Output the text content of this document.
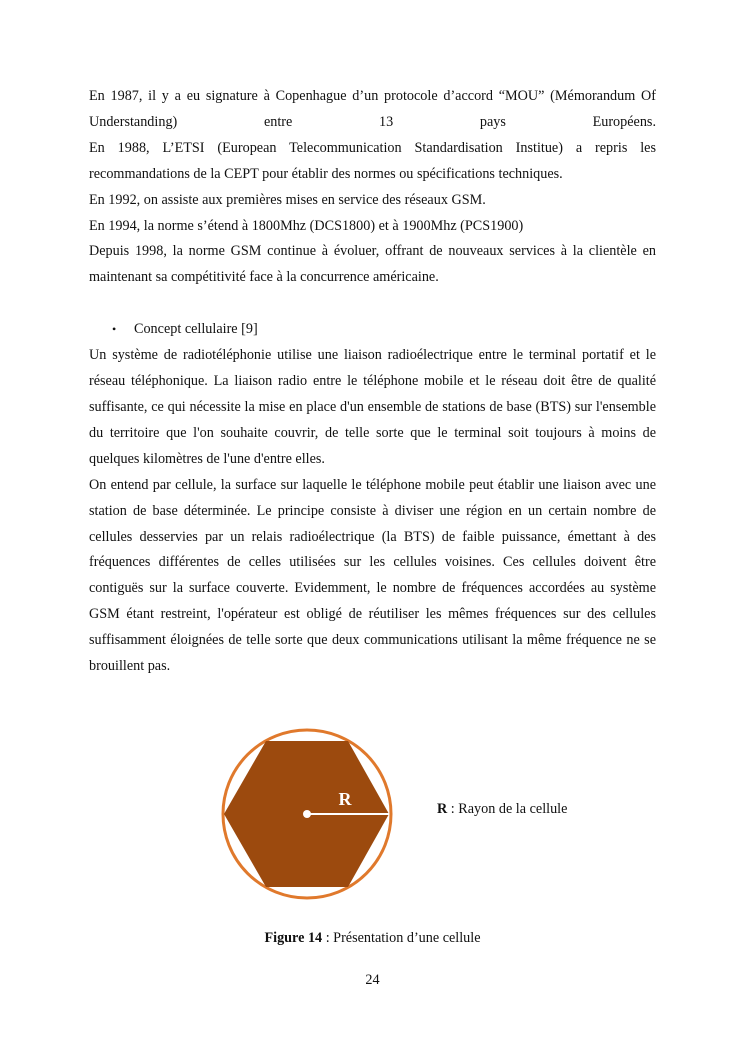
En 1987, il y a eu signature à Copenhague d’un protocole d’accord “MOU” (Mémorandum Of

Understanding) entre 13 pays Européens.

En 1988, L’ETSI (European Telecommunication Standardisation Institue) a repris les recommandations de la CEPT pour établir des normes ou spécifications techniques.

En 1992, on assiste aux premières mises en service des réseaux GSM.

En 1994, la norme s’étend à 1800Mhz (DCS1800) et à 1900Mhz (PCS1900)

Depuis 1998, la norme GSM continue à évoluer, offrant de nouveaux services à la clientèle en maintenant sa compétitivité face à la concurrence américaine.

•	Concept cellulaire [9]

Un système de radiotéléphonie utilise une liaison radioélectrique entre le terminal portatif et le réseau téléphonique. La liaison radio entre le téléphone mobile et le réseau doit être de qualité suffisante, ce qui nécessite la mise en place d'un ensemble de stations de base (BTS) sur l'ensemble du territoire que l'on souhaite couvrir, de telle sorte que le terminal soit toujours à moins de quelques kilomètres de l'une d'entre elles.

On entend par cellule, la surface sur laquelle le téléphone mobile peut établir une liaison avec une station de base déterminée. Le principe consiste à diviser une région en un certain nombre de cellules desservies par un relais radioélectrique (la BTS) de faible puissance, émettant à des fréquences différentes de celles utilisées sur les cellules voisines. Ces cellules doivent être contiguës sur la surface couverte. Evidemment, le nombre de fréquences accordées au système GSM étant restreint, l'opérateur est obligé de réutiliser les mêmes fréquences sur des cellules suffisamment éloignées de telle sorte que deux communications utilisant la même fréquence ne se brouillent pas.

R	R : Rayon de la cellule
Figure 14 : Présentation d’une cellule
24
